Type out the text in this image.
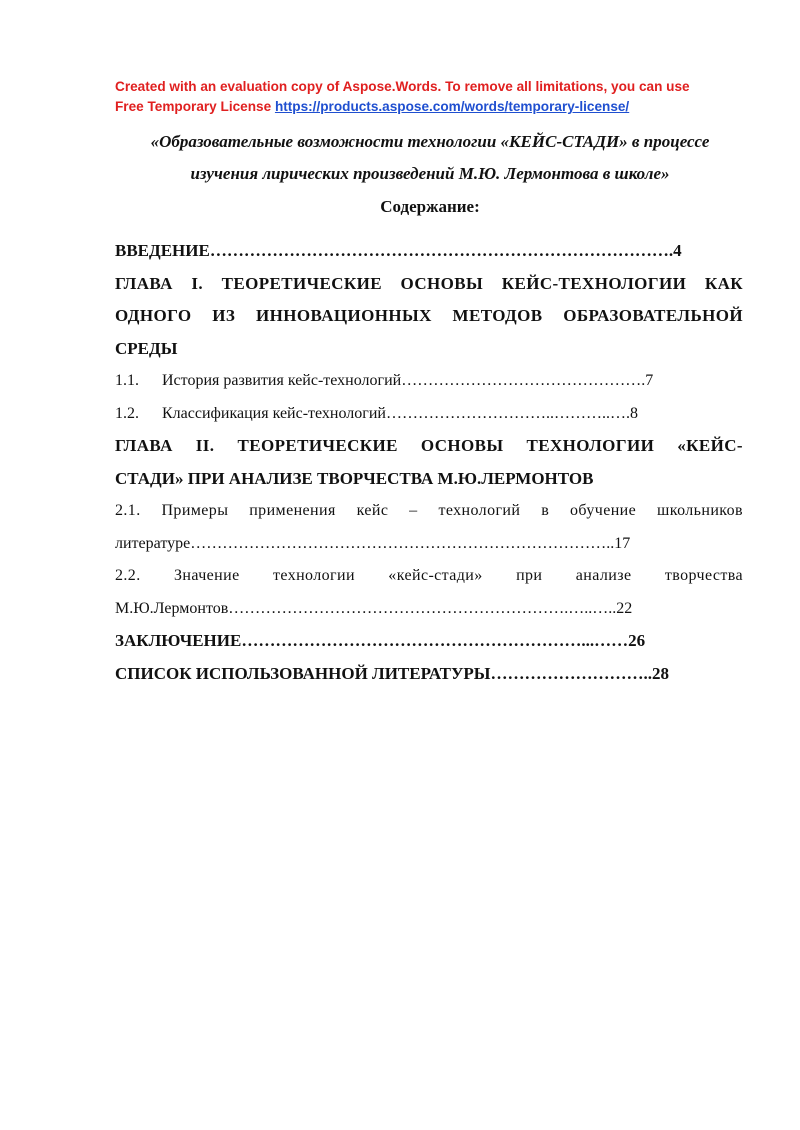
Created with an evaluation copy of Aspose.Words. To remove all limitations, you can use
Free Temporary License https://products.aspose.com/words/temporary-license/
«Образовательные возможности технологии «КЕЙС-СТАДИ» в процессе
изучения лирических произведений М.Ю. Лермонтова в школе»
Содержание:
ВВЕДЕНИЕ……………………………………………………………………….4
ГЛАВА I. ТЕОРЕТИЧЕСКИЕ ОСНОВЫ КЕЙС-ТЕХНОЛОГИИ КАК
ОДНОГО ИЗ ИННОВАЦИОННЫХ МЕТОДОВ ОБРАЗОВАТЕЛЬНОЙ
СРЕДЫ
1.1.	История развития кейс-технологий……………………………………….7
1.2.	Классификация кейс-технологий…………………………..………..….8
ГЛАВА II. ТЕОРЕТИЧЕСКИЕ ОСНОВЫ ТЕХНОЛОГИИ «КЕЙС-
СТАДИ» ПРИ АНАЛИЗЕ ТВОРЧЕСТВА М.Ю.ЛЕРМОНТОВ
2.1. Примеры применения кейс – технологий в обучение школьников
литературе……………………………………………………………………..17
2.2. Значение технологии «кейс-стади» при анализе творчества
М.Ю.Лермонтов……………………………………………………….…..…..22
ЗАКЛЮЧЕНИЕ……………………………………………………...……26
СПИСОК ИСПОЛЬЗОВАННОЙ ЛИТЕРАТУРЫ………………………..28
